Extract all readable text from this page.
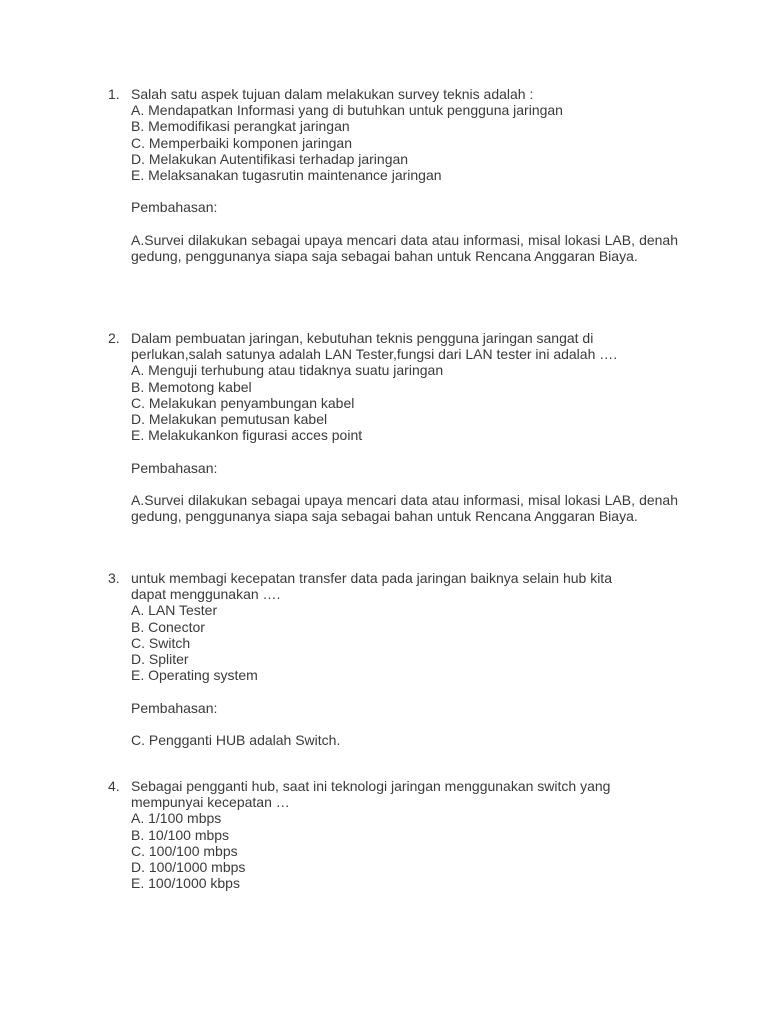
1. Salah satu aspek tujuan dalam melakukan survey teknis adalah :
A. Mendapatkan Informasi yang di butuhkan untuk pengguna jaringan
B. Memodifikasi perangkat jaringan
C. Memperbaiki komponen jaringan
D. Melakukan Autentifikasi terhadap jaringan
E. Melaksanakan tugasrutin maintenance jaringan
Pembahasan:
A.Survei dilakukan sebagai upaya mencari data atau informasi, misal lokasi LAB, denah gedung, penggunanya siapa saja sebagai bahan untuk Rencana Anggaran Biaya.
2. Dalam pembuatan jaringan, kebutuhan teknis pengguna jaringan sangat di
perlukan,salah satunya adalah LAN Tester,fungsi dari LAN tester ini adalah ….
A. Menguji terhubung atau tidaknya suatu jaringan
B. Memotong kabel
C. Melakukan penyambungan kabel
D. Melakukan pemutusan kabel
E. Melakukankon figurasi acces point
Pembahasan:
A.Survei dilakukan sebagai upaya mencari data atau informasi, misal lokasi LAB, denah gedung, penggunanya siapa saja sebagai bahan untuk Rencana Anggaran Biaya.
3. untuk membagi kecepatan transfer data pada jaringan baiknya selain hub kita
dapat menggunakan ….
A. LAN Tester
B. Conector
C. Switch
D. Spliter
E. Operating system
Pembahasan:
C. Pengganti HUB adalah Switch.
4. Sebagai pengganti hub, saat ini teknologi jaringan menggunakan switch yang
mempunyai kecepatan …
A. 1/100 mbps
B. 10/100 mbps
C. 100/100 mbps
D. 100/1000 mbps
E. 100/1000 kbps
